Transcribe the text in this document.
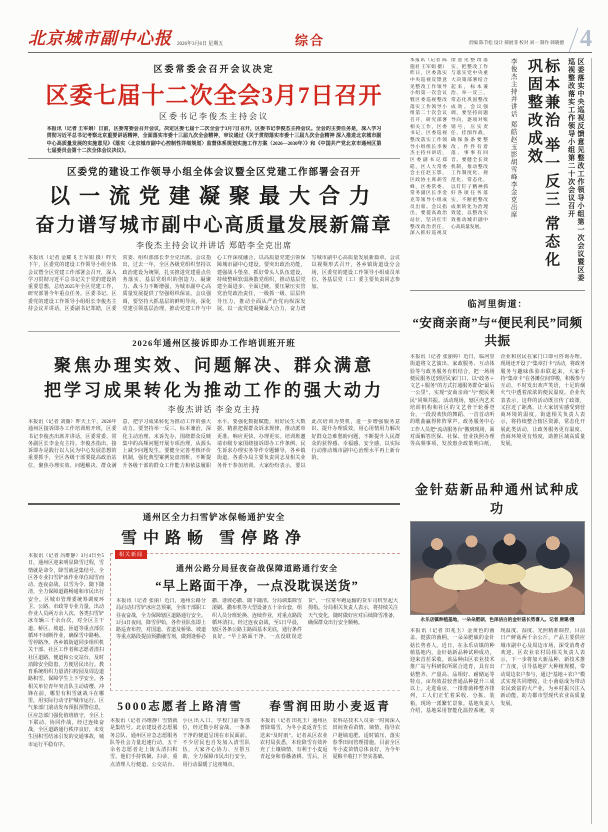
北京城市副中心报 2026年3月6日 星期五	综合	责编 陈节松 设计 郝展菲 校对 刘一 制作 韩晓德 4
区委常委会召开会议决定
区委七届十二次全会3月7日召开
区委书记李俊杰主持会议
本报讯（记者 王军娟）日前，区委常委会召开会议，决定区委七届十二次全会于3月7日召开，区委书记李俊杰主持会议。全会的主要任务是，深入学习贯彻习近平总书记考察北京重要讲话精神，全面落实市委十三届九次全会精神，审议通过《关于贯彻落实市委十三届九次全会精神 深入推进北京城市副中心高质量发展的实施意见》《落实〈北京城市副中心控制性详细规划〉监督体系规划实施工作方案（2026—2030年）》和《中国共产党北京市通州区第七届委员会第十二次全体会议决议》。
区委党的建设工作领导小组全体会议暨全区党建工作部署会召开
以一流党建凝聚最大合力
奋力谱写城市副中心高质量发展新篇章
李俊杰主持会议并讲话 郑皓李全克出席
本报讯（记者 金耀飞 王军娟 摄）昨天下午，区委党的建设工作领导小组全体会议暨全区党建工作部署会召开，深入学习贯彻习近平总书记关于党的建设的重要思想，总结2025年全区党建工作，研究部署今年重点任务。区委书记、区委党的建设工作领导小组组长李俊杰主持会议并讲话，区委副书记郑皓，区委常委、组织部部长李全克出席。会议指出，过去一年，全区各级党组织坚持以政治建设为统领，扎实推进党建重点任务落实，基层党组织的创造力、凝聚力、战斗力不断增强，为城市副中心高质量发展提供了坚强组织保证。会议强调，要坚持大抓基层的鲜明导向，深化党建引领基层治理，推动党建工作与中心工作深度融合，以高质量党建引领保障城市副中心建设。要突出政治功能，建强战斗堡垒，抓好带头人队伍建设，持续整顿软弱涣散党组织，推动基层党建全面进步、全面过硬。要压紧压实管党治党政治责任，一级抓一级、层层传导压力，推动全面从严治党向纵深发展，以一流党建凝聚最大合力，奋力谱写城市副中心高质量发展新篇章。会议以视频形式召开，各乡镇街道设分会场，区委党的建设工作领导小组成员单位、各基层党（工）委主要负责同志参加。
2026年通州区接诉即办工作培训班开班
聚焦办理实效、问题解决、群众满意
把学习成果转化为推动工作的强大动力
李俊杰讲话 李金克主持
本报讯（记者 刘薇）昨天上午，2026年通州区接诉即办工作培训班开班，区委书记李俊杰出席并讲话，区委常委、常务副区长李金克主持。李俊杰指出，接诉即办是践行以人民为中心发展思想的重要抓手，全区各级干部要提高政治站位，聚焦办理实效、问题解决、群众满意，把学习成果转化为推动工作的强大动力。要坚持举一反三、标本兼治，深化主动治理、未诉先办，围绕群众反映集中的高频问题开展专项治理，从源头上减少问题发生。要健全完善考核评价机制，强化典型案例复盘剖析，不断提升各级干部的群众工作能力和依法履职水平。要强化数据赋能，用好民生大数据，精准把握群众诉求规律，推动派单更准、响应更快、办理更实。培训班邀请市级专家围绕接诉即办工作条例、民生诉求办理实务等作专题辅导，各乡镇街道、各委办局主要负责同志及相关业务骨干参加培训。大家纷纷表示，要以此次培训为契机，进一步增强服务意识、提升办理质效，用心用情用力解决好群众急难愁盼问题，不断提升人民群众的获得感、幸福感、安全感，以实际行动推动城市副中心治理水平再上新台阶。
通州区全力扫雪铲冰保畅通护安全
雪中路畅 雪停路净
本报讯（记者 冯维静）3月4日至5日，通州区迎来明显降雪过程，雪情就是命令，降雪就是集结号。全区各专业扫雪铲冰作业单位闻雪而动、连夜奋战，以雪为令、随下随清，全力保障道路畅通和市民出行安全。区城市管理委统筹调度环卫、公路、市政等专业力量，出动作业人员两万余人次、各类扫雪铲冰车辆三千余台次，对全区主干道、桥区、坡道、匝道等重点部位循环不间断作业，确保雪中路畅、雪停路净。各乡镇街道同步组织机关干部、社区工作者和志愿者清扫社区道路、便道和公交站台，及时消除安全隐患，方便居民出行。教育系统组织力量清扫校园及周边道路积雪，保障学生上下学安全。各相关单位青年突击队主动请缨、冲锋在前，哪里有积雪就战斗在哪里，用实际行动守护城市运行。区气象部门滚动发布预报预警信息，区应急部门强化值班值守，全区上下联动、协同作战，经过连续奋战，全区道路通行秩序良好，未发生因积雪结冰引发的交通事故，城市运行平稳有序。
相关新闻
通州公路分局昼夜奋战保障道路通行安全
“早上路面干净，一点没耽误送货”
本报讯（记者 张丽）近日，通州公路分局启动扫雪铲冰应急预案，全体干部职工昼夜奋战，全力保障辖区道路通行安全。3月4日夜间，降雪伊始，各作业队伍即上路巡查布控，对国道、省道及桥梁、坡道等重点路段提前预撒融雪剂，做到逢桥必撒、逢坡必撒、随下随清。分局调集除雪滚刷、撒布机等大型设备五十余台套，组织人员分班轮换、连续作业，对重点路段循环清扫。经过连夜奋战，至5日早晨，辖区各条公路主路面基本见底，通行条件良好。“早上路面干净，一点没耽误送货”，一位常年跑运输的货车司机竖起大拇指。分局相关负责人表示，将持续关注天气变化，随时做好应对后续降雪准备，确保群众出行安全顺畅。
5000志愿者上路清雪
本报讯（记者 冯维静）雪情就是集结号。北京建设者志愿服务总队、通州区应急志愿服务队等社会力量迅速行动，五千余名志愿者走上街头清扫积雪。他们手持铁锹、扫帚，重点清理人行便道、公交站台、小区出入口、学校门前等部位，经过数小时奋战，一条条干净的便道呈现在市民面前。不少居民也自发加入清雪队伍，大家齐心协力、互帮互助，全力保障市民出行安全，用行动温暖了这座城市。
春雪润田助小麦返青
本报讯（记者 田兆玉）通州区普降瑞雪，为冬小麦返青生长送来“及时雨”。记者从区农业农村局获悉，本轮降雪有效补充了土壤墒情，有利于小麦返青起身和春播备耕。雪后，区农科站技术人员第一时间深入田间查看苗情、墒情，指导农户趁墒追肥、适时镇压，落实春季田间管理措施。目前全区冬小麦苗情总体良好，为今年夏粮丰收打下坚实基础。
本报讯（记者 陈施君 王军娟 摄）昨日，区委落实中央巡视反馈意见整改工作领导小组第一次会议暨区委巡视整改落实工作领导小组第二十次会议召开，研究部署相关工作，区委书记、区委巡视整改落实工作领导小组组长李俊杰主持并讲话，区委副书记郑皓，区人大常委会主任赵玉影，区政协主席胡雪峰，区委常委、常务副区长李金克等领导小组成员出席。会议指出，要提高政治站位，坚决扛牢整改政治责任，深入抓好巡视反馈意见整改落实，把整改工作与落实党中央重大决策部署结合起来，标本兼治、举一反三，常态化巩固整改成效。会议强调，要坚持问题导向，逐项对账销号，压实责任、挂图作战，确保条条要整改、件件有着落、事事有回音。要健全长效机制，推动整改工作制度化、规范化、常态化，以钉钉子精神抓好各项任务落实，不断把整改成果转化为治理效能，以整改实效推动城市副中心高质量发展。	区委落实中央巡视反馈意见整改工作领导小组第一次会议暨区委巡视整改落实工作领导小组第二十次会议召开
标本兼治 举一反三 常态化巩固整改成效
李俊杰主持并讲话 郑皓赵玉影胡雪峰李金克出席
临河里街道：
“安商亲商”与“便民利民”同频共振
本报讯（记者 张丽婷）近日，临河里街道将文艺演出、家政服务、互动体验等与政务服务有机结合，把一场场便民服务送到居民家门口，以“政务＋文艺＋服务”的方式打通服务群众“最后一公里”，实现“安商亲商”与“便民利民”同频共振。活动现场，辖区内艺术培训机构和社区的文艺骨干轮番登台，一段段欢快的舞蹈、一首首动听的歌曲赢得阵阵掌声。政务服务中心工作人员把“流动服务台”搬到现场，面对面解答医保、社保、营业执照办理等高频事项，发放惠企政策明白纸，企业和居民在家门口即可咨询办理。现场还开设了“集章打卡”活动，将政务服务与趣味体验串联起来，大家手持“集章卡”在各摊位间穿梭，积极参与互动，不时发出欢声笑语，十足的烟火气中透着浓浓的便民温度。企业代表表示，这样的活动既宣传了政策，又拉近了距离，让大家切实感受到营商环境的温度。街道相关负责人表示，将持续整合辖区资源，常态化开展此类活动，让政务服务更有温度、营商环境更有热度，助推区域高质量发展。
金针菇新品种通州试种成功
永乐店镇种植基地，一朵朵肥硕、色泽洁白的金针菇长势喜人。记者 唐建/摄
本报讯（记者 田兆玉）金黄色的菌盖、挺拔的菌柄，一朵朵肥硕的金针菇长势喜人。近日，在永乐店镇的种植基地内，金针菇新品种试种成功，迎来首茬采收。该品种由区农业技术推广站与科研院所联合选育，具有出菇整齐、产量高、品相好、耐储运等特点，亩均效益较普通品种提升三成以上。走进菇房，一排排菌棒整齐排列，工人们正忙着采收、分拣、装箱，现场一派繁忙景象。基地负责人介绍，基地采用智能化温控系统，实现温度、湿度、光照精准调控，目前日产鲜菇两千余公斤，产品主要供应城市副中心及周边市场，深受消费者欢迎。区农业农村局相关负责人表示，下一步将加大新品种、新技术推广力度，引导基地扩大种植规模，带动周边农户参与，通过“基地＋农户”模式实现共同增收，让小菌菇成为带动农民致富的大产业，为乡村振兴注入新动能，助力都市型现代农业高质量发展。
